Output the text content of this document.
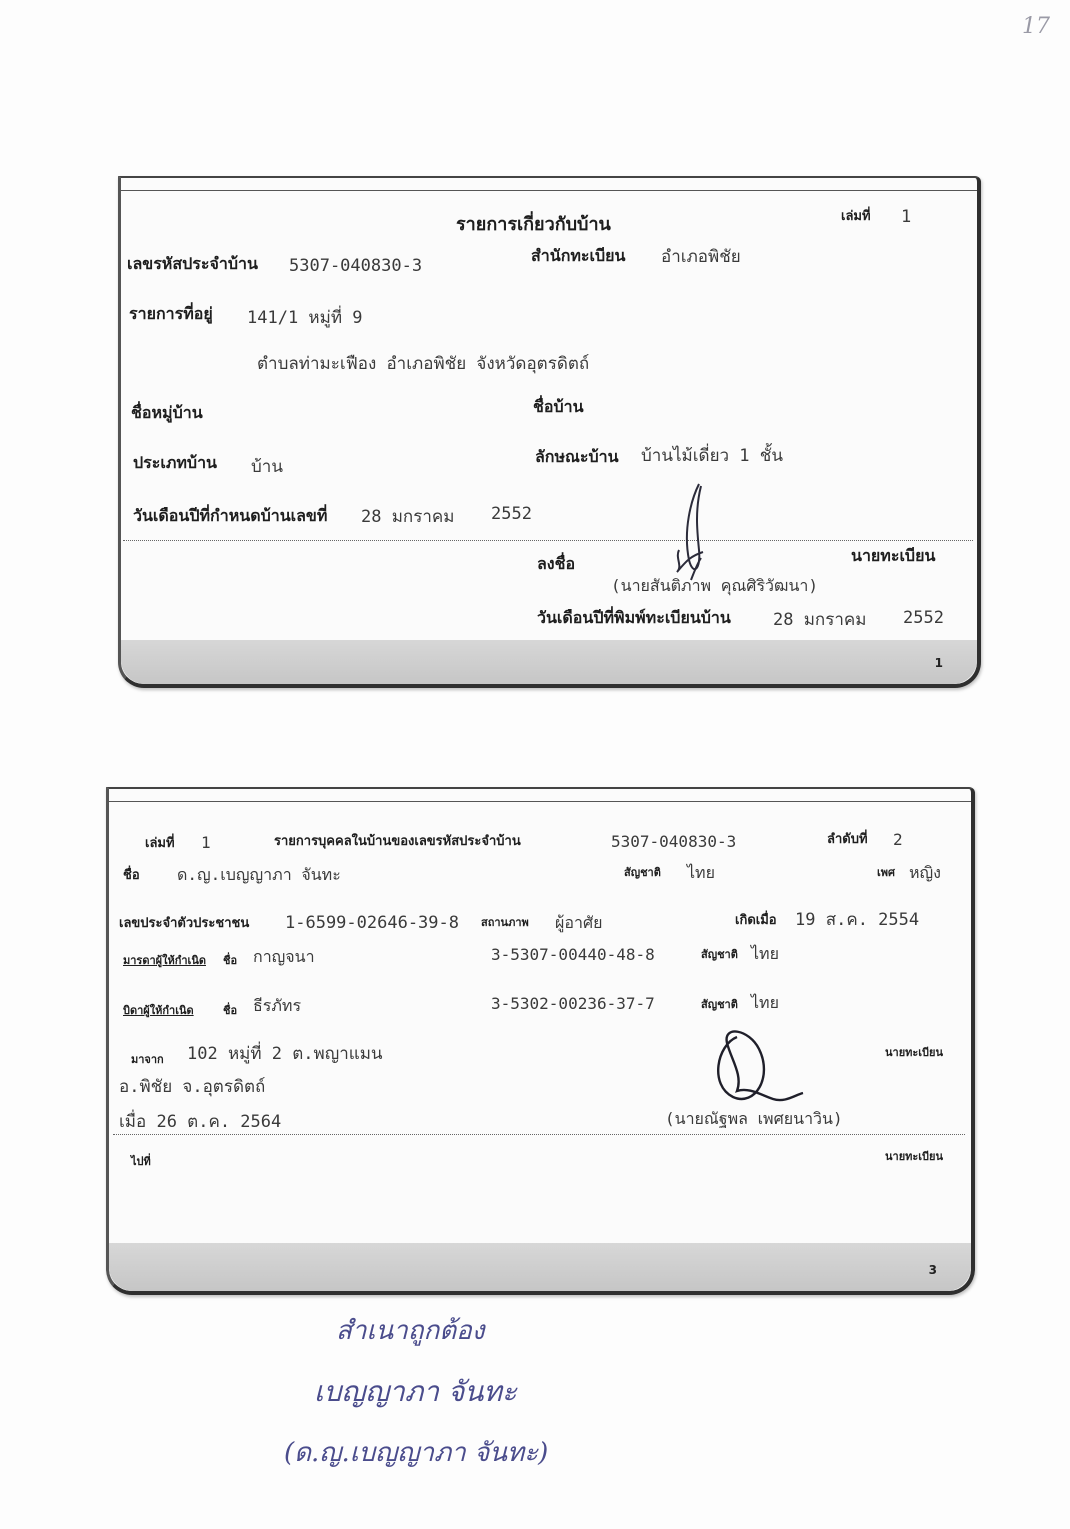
17
รายการเกี่ยวกับบ้าน	เล่มที่ 1
เลขรหัสประจำบ้าน 5307-040830-3
สำนักทะเบียน อำเภอพิชัย
รายการที่อยู่ 141/1 หมู่ที่ 9
ตำบลท่ามะเฟือง อำเภอพิชัย จังหวัดอุตรดิตถ์
ชื่อหมู่บ้าน	ชื่อบ้าน
ประเภทบ้าน บ้าน
ลักษณะบ้าน บ้านไม้เดี่ยว 1 ชั้น
วันเดือนปีที่กำหนดบ้านเลขที่ 28 มกราคม 2552
ลงชื่อ	นายทะเบียน
(นายสันติภาพ คุณศิริวัฒนา)
วันเดือนปีที่พิมพ์ทะเบียนบ้าน 28 มกราคม 2552
1
เล่มที่ 1	รายการบุคคลในบ้านของเลขรหัสประจำบ้าน	5307-040830-3	ลำดับที่ 2
ชื่อ ด.ญ.เบญญาภา จันทะ	สัญชาติ ไทย	เพศ หญิง
เลขประจำตัวประชาชน 1-6599-02646-39-8 สถานภาพ ผู้อาศัย	เกิดเมื่อ 19 ส.ค. 2554
มารดาผู้ให้กำเนิด ชื่อ กาญจนา	3-5307-00440-48-8	สัญชาติ ไทย
บิดาผู้ให้กำเนิด	ชื่อ ธีรภัทร	3-5302-00236-37-7	สัญชาติ ไทย
มาจาก 102 หมู่ที่ 2 ต.พญาแมน
อ.พิชัย จ.อุตรดิตถ์
เมื่อ 26 ต.ค. 2564
นายทะเบียน
(นายณัฐพล เพศยนาวิน)
ไปที่	นายทะเบียน
3
สำเนาถูกต้อง
เบญญาภา จันทะ
(ด.ญ.เบญญาภา จันทะ)
